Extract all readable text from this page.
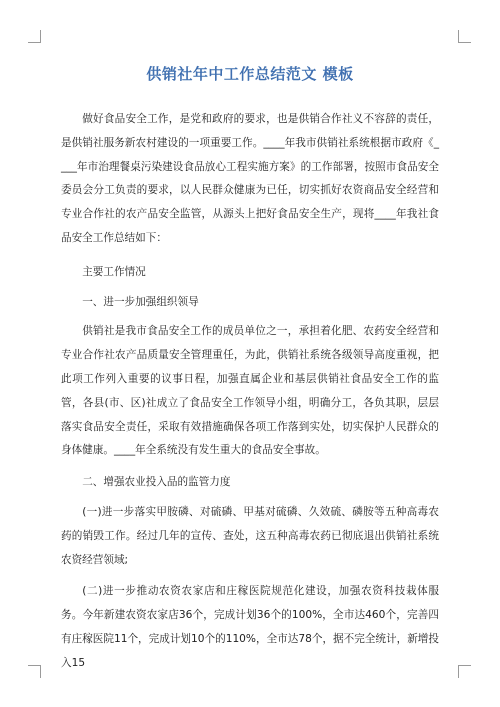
供销社年中工作总结范文 模板

做好食品安全工作，是党和政府的要求，也是供销合作社义不容辞的责任，是供销社服务新农村建设的一项重要工作。____年我市供销社系统根据市政府《____年市治理餐桌污染建设食品放心工程实施方案》的工作部署，按照市食品安全委员会分工负责的要求，以人民群众健康为已任，切实抓好农资商品安全经营和专业合作社的农产品安全监管，从源头上把好食品安全生产，现将____年我社食品安全工作总结如下：

主要工作情况

一、进一步加强组织领导

供销社是我市食品安全工作的成员单位之一，承担着化肥、农药安全经营和专业合作社农产品质量安全管理重任，为此，供销社系统各级领导高度重视，把此项工作列入重要的议事日程，加强直属企业和基层供销社食品安全工作的监管，各县(市、区)社成立了食品安全工作领导小组，明确分工，各负其职，层层落实食品安全责任，采取有效措施确保各项工作落到实处，切实保护人民群众的身体健康。____年全系统没有发生重大的食品安全事故。

二、增强农业投入品的监管力度

(一)进一步落实甲胺磷、对硫磷、甲基对硫磷、久效硫、磷胺等五种高毒农药的销毁工作。经过几年的宣传、查处，这五种高毒农药已彻底退出供销社系统农资经营领域;

(二)进一步推动农资农家店和庄稼医院规范化建设，加强农资科技栽体服务。今年新建农资农家店36个，完成计划36个的100%，全市达460个，完善四有庄稼医院11个，完成计划10个的110%，全市达78个，据不完全统计，新增投入15
